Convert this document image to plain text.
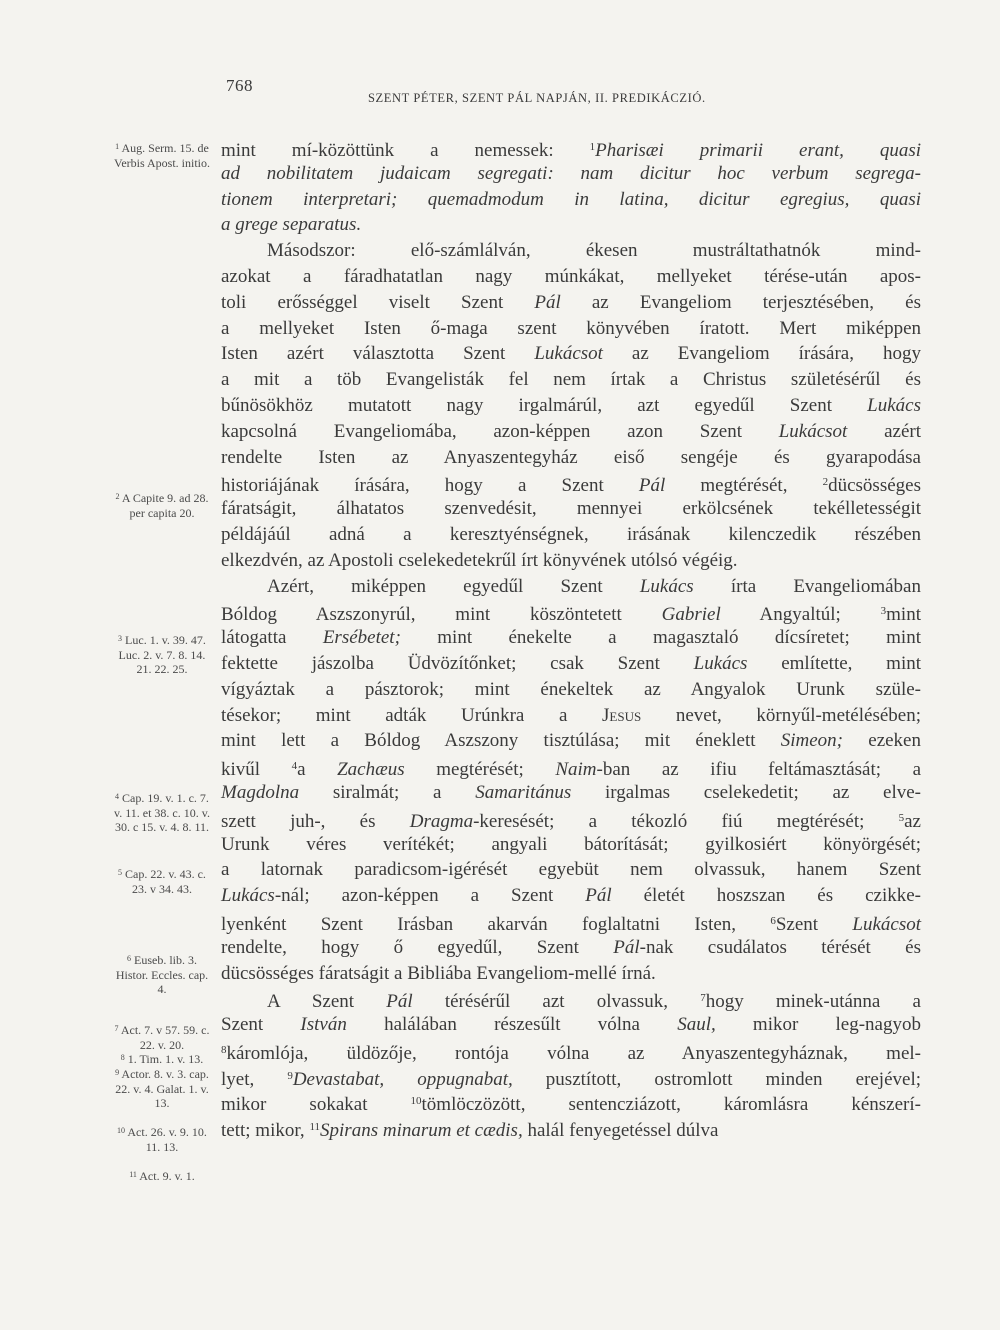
768
SZENT PÉTER, SZENT PÁL NAPJÁN, II. PREDIKÁCZIÓ.
$^1$ Aug. Serm. 15. de Verbis Apost. initio.
$^2$ A Capite 9. ad 28. per capita 20.
$^3$ Luc. 1. v. 39. 47. Luc. 2. v. 7. 8. 14. 21. 22. 25.
$^4$ Cap. 19. v. 1. c. 7. v. 11. et 38. c. 10. v. 30. c 15. v. 4. 8. 11.
$^5$ Cap. 22. v. 43. c. 23. v 34. 43.
$^6$ Euseb. lib. 3. Histor. Eccles. cap. 4.
$^7$ Act. 7. v 57. 59. c. 22. v. 20.
$^8$ 1. Tim. 1. v. 13.
$^9$ Actor. 8. v. 3. cap. 22. v. 4. Galat. 1. v. 13.
$^{10}$ Act. 26. v. 9. 10. 11. 13.
$^{11}$ Act. 9. v. 1.
mint mí-közöttünk a nemessek: $^1$Pharisæi primarii erant, quasi
ad nobilitatem judaicam segregati: nam dicitur hoc verbum segrega-
tionem interpretari; quemadmodum in latina, dicitur egregius, quasi
a grege separatus.
Másodszor: elő-számlálván, ékesen mustráltathatnók mind-
azokat a fáradhatatlan nagy múnkákat, mellyeket térése-után apos-
toli erősséggel viselt Szent Pál az Evangeliom terjesztésében, és
a mellyeket Isten ő-maga szent könyvében íratott. Mert miképpen
Isten azért választotta Szent Lukácsot az Evangeliom írására, hogy
a mit a töb Evangelisták fel nem írtak a Christus születésérűl és
bűnösökhöz mutatott nagy irgalmárúl, azt egyedűl Szent Lukács
kapcsolná Evangeliomába, azon-képpen azon Szent Lukácsot azért
rendelte Isten az Anyaszentegyház eiső sengéje és gyarapodása
historiájának írására, hogy a Szent Pál megtérését, $^2$dücsösséges
fáratságit, álhatatos szenvedésit, mennyei erkölcsének tekélletességit
példájáúl adná a keresztyénségnek, irásának kilenczedik részében
elkezdvén, az Apostoli cselekedetekrűl írt könyvének utólsó végéig.
Azért, miképpen egyedűl Szent Lukács írta Evangeliomában
Bóldog Aszszonyrúl, mint köszöntetett Gabriel Angyaltúl; $^3$mint
látogatta Ersébetet; mint énekelte a magasztaló dícsíretet; mint
fektette jászolba Üdvözítőnket; csak Szent Lukács említette, mint
vígyáztak a pásztorok; mint énekeltek az Angyalok Urunk szüle-
tésekor; mint adták Urúnkra a Jesus nevet, környűl-metélésében;
mint lett a Bóldog Aszszony tisztúlása; mit éneklett Simeon; ezeken
kivűl $^4$a Zachæus megtérését; Naim-ban az ifiu feltámasztását; a
Magdolna siralmát; a Samaritánus irgalmas cselekedetit; az elve-
szett juh-, és Dragma-keresését; a tékozló fiú megtérését; $^5$az
Urunk véres verítékét; angyali bátorítását; gyilkosiért könyörgését;
a latornak paradicsom-igérését egyebüt nem olvassuk, hanem Szent
Lukács-nál; azon-képpen a Szent Pál életét hoszszan és czikke-
lyenként Szent Irásban akarván foglaltatni Isten, $^6$Szent Lukácsot
rendelte, hogy ő egyedűl, Szent Pál-nak csudálatos térését és
dücsösséges fáratságit a Bibliába Evangeliom-mellé írná.
A Szent Pál térésérűl azt olvassuk, $^7$hogy minek-utánna a
Szent István halálában részesűlt vólna Saul, mikor leg-nagyob
$^8$káromlója, üldözője, rontója vólna az Anyaszentegyháznak, mel-
lyet, $^9$Devastabat, oppugnabat, pusztított, ostromlott minden erejével;
mikor sokakat $^{10}$tömlöczözött, sentencziázott, káromlásra kénszerí-
tett; mikor, $^{11}$Spirans minarum et cædis, halál fenyegetéssel dúlva
